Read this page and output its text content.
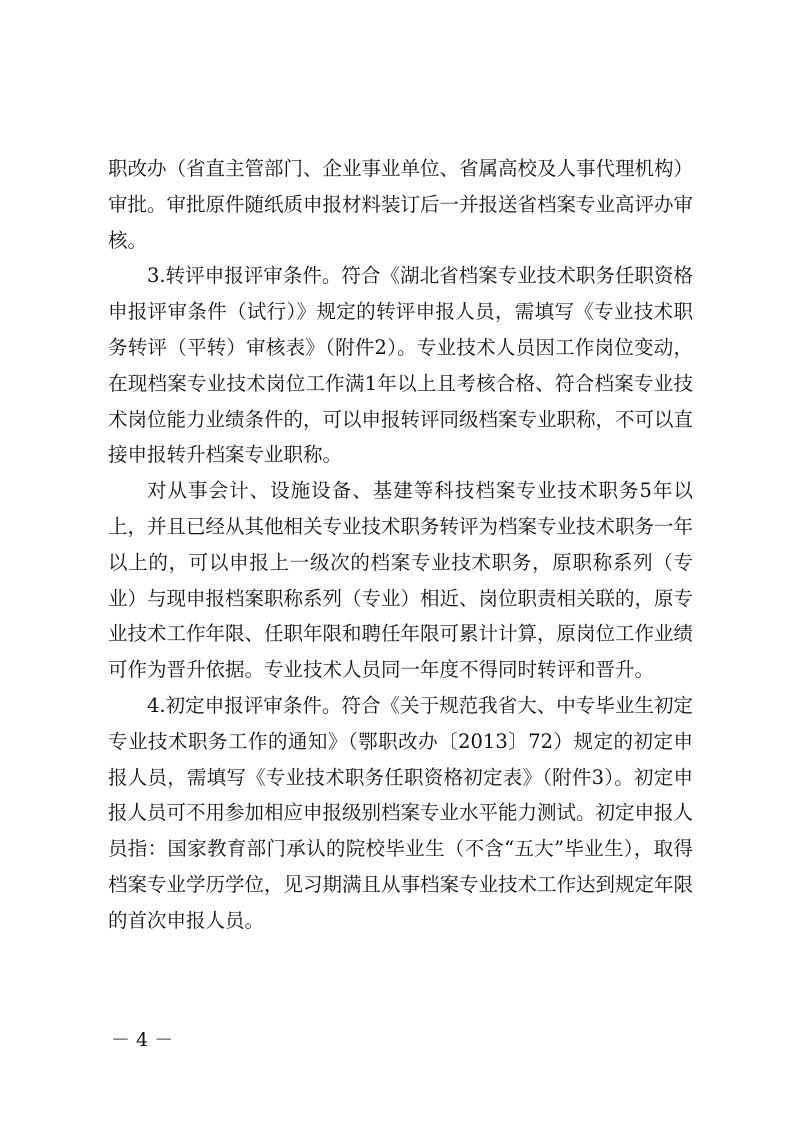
职改办（省直主管部门、企业事业单位、省属高校及人事代理机构）审批。审批原件随纸质申报材料装订后一并报送省档案专业高评办审核。

3.转评申报评审条件。符合《湖北省档案专业技术职务任职资格申报评审条件（试行）》规定的转评申报人员，需填写《专业技术职务转评（平转）审核表》（附件2）。专业技术人员因工作岗位变动，在现档案专业技术岗位工作满1年以上且考核合格、符合档案专业技术岗位能力业绩条件的，可以申报转评同级档案专业职称，不可以直接申报转升档案专业职称。

对从事会计、设施设备、基建等科技档案专业技术职务5年以上，并且已经从其他相关专业技术职务转评为档案专业技术职务一年以上的，可以申报上一级次的档案专业技术职务，原职称系列（专业）与现申报档案职称系列（专业）相近、岗位职责相关联的，原专业技术工作年限、任职年限和聘任年限可累计计算，原岗位工作业绩可作为晋升依据。专业技术人员同一年度不得同时转评和晋升。

4.初定申报评审条件。符合《关于规范我省大、中专毕业生初定专业技术职务工作的通知》（鄂职改办〔2013〕72）规定的初定申报人员，需填写《专业技术职务任职资格初定表》（附件3）。初定申报人员可不用参加相应申报级别档案专业水平能力测试。初定申报人员指：国家教育部门承认的院校毕业生（不含“五大”毕业生），取得档案专业学历学位，见习期满且从事档案专业技术工作达到规定年限的首次申报人员。

－ 4 －
